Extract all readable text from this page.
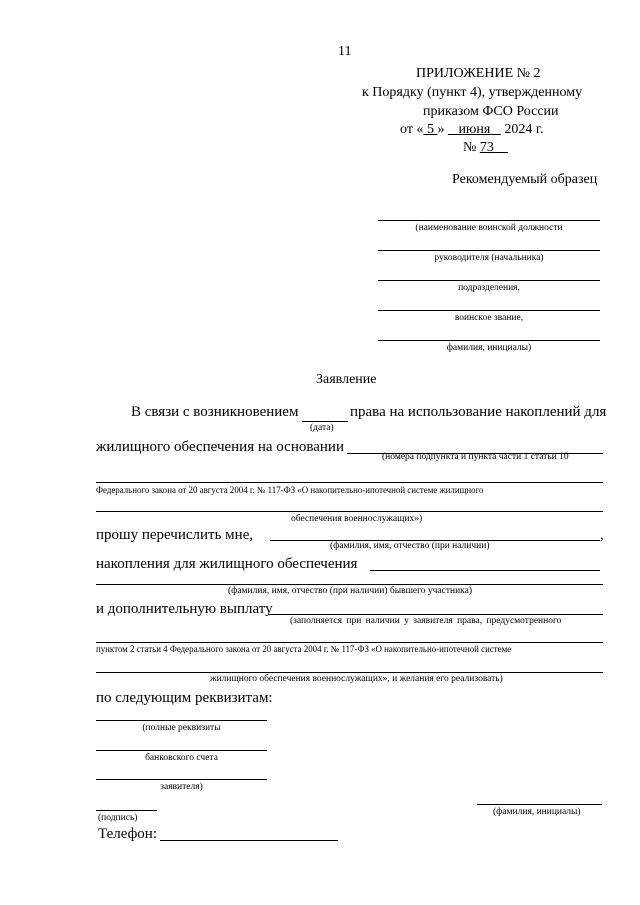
11
ПРИЛОЖЕНИЕ № 2
к Порядку (пункт 4), утвержденному
приказом ФСО России
от « 5 » июня 2024 г.
№ 73
Рекомендуемый образец
(наименование воинской должности
руководителя (начальника)
подразделения,
воинское звание,
фамилия, инициалы)
Заявление
В связи с возникновением	права на использование накоплений для
(дата)
жилищного обеспечения на основании
(номера подпункта и пункта части 1 статьи 10
Федерального закона от 20 августа 2004 г. № 117-ФЗ «О накопительно-ипотечной системе жилищного
обеспечения военнослужащих»)
прошу перечислить мне,	,
(фамилия, имя, отчество (при наличии)
накопления для жилищного обеспечения
(фамилия, имя, отчество (при наличии) бывшего участника)
и дополнительную выплату
(заполняется при наличии у заявителя права, предусмотренного
пунктом 2 статьи 4 Федерального закона от 20 августа 2004 г. № 117-ФЗ «О накопительно-ипотечной системе
жилищного обеспечения военнослужащих», и желания его реализовать)
по следующим реквизитам:
(полные реквизиты
банковского счета
заявителя)
(подпись)
(фамилия, инициалы)
Телефон:
